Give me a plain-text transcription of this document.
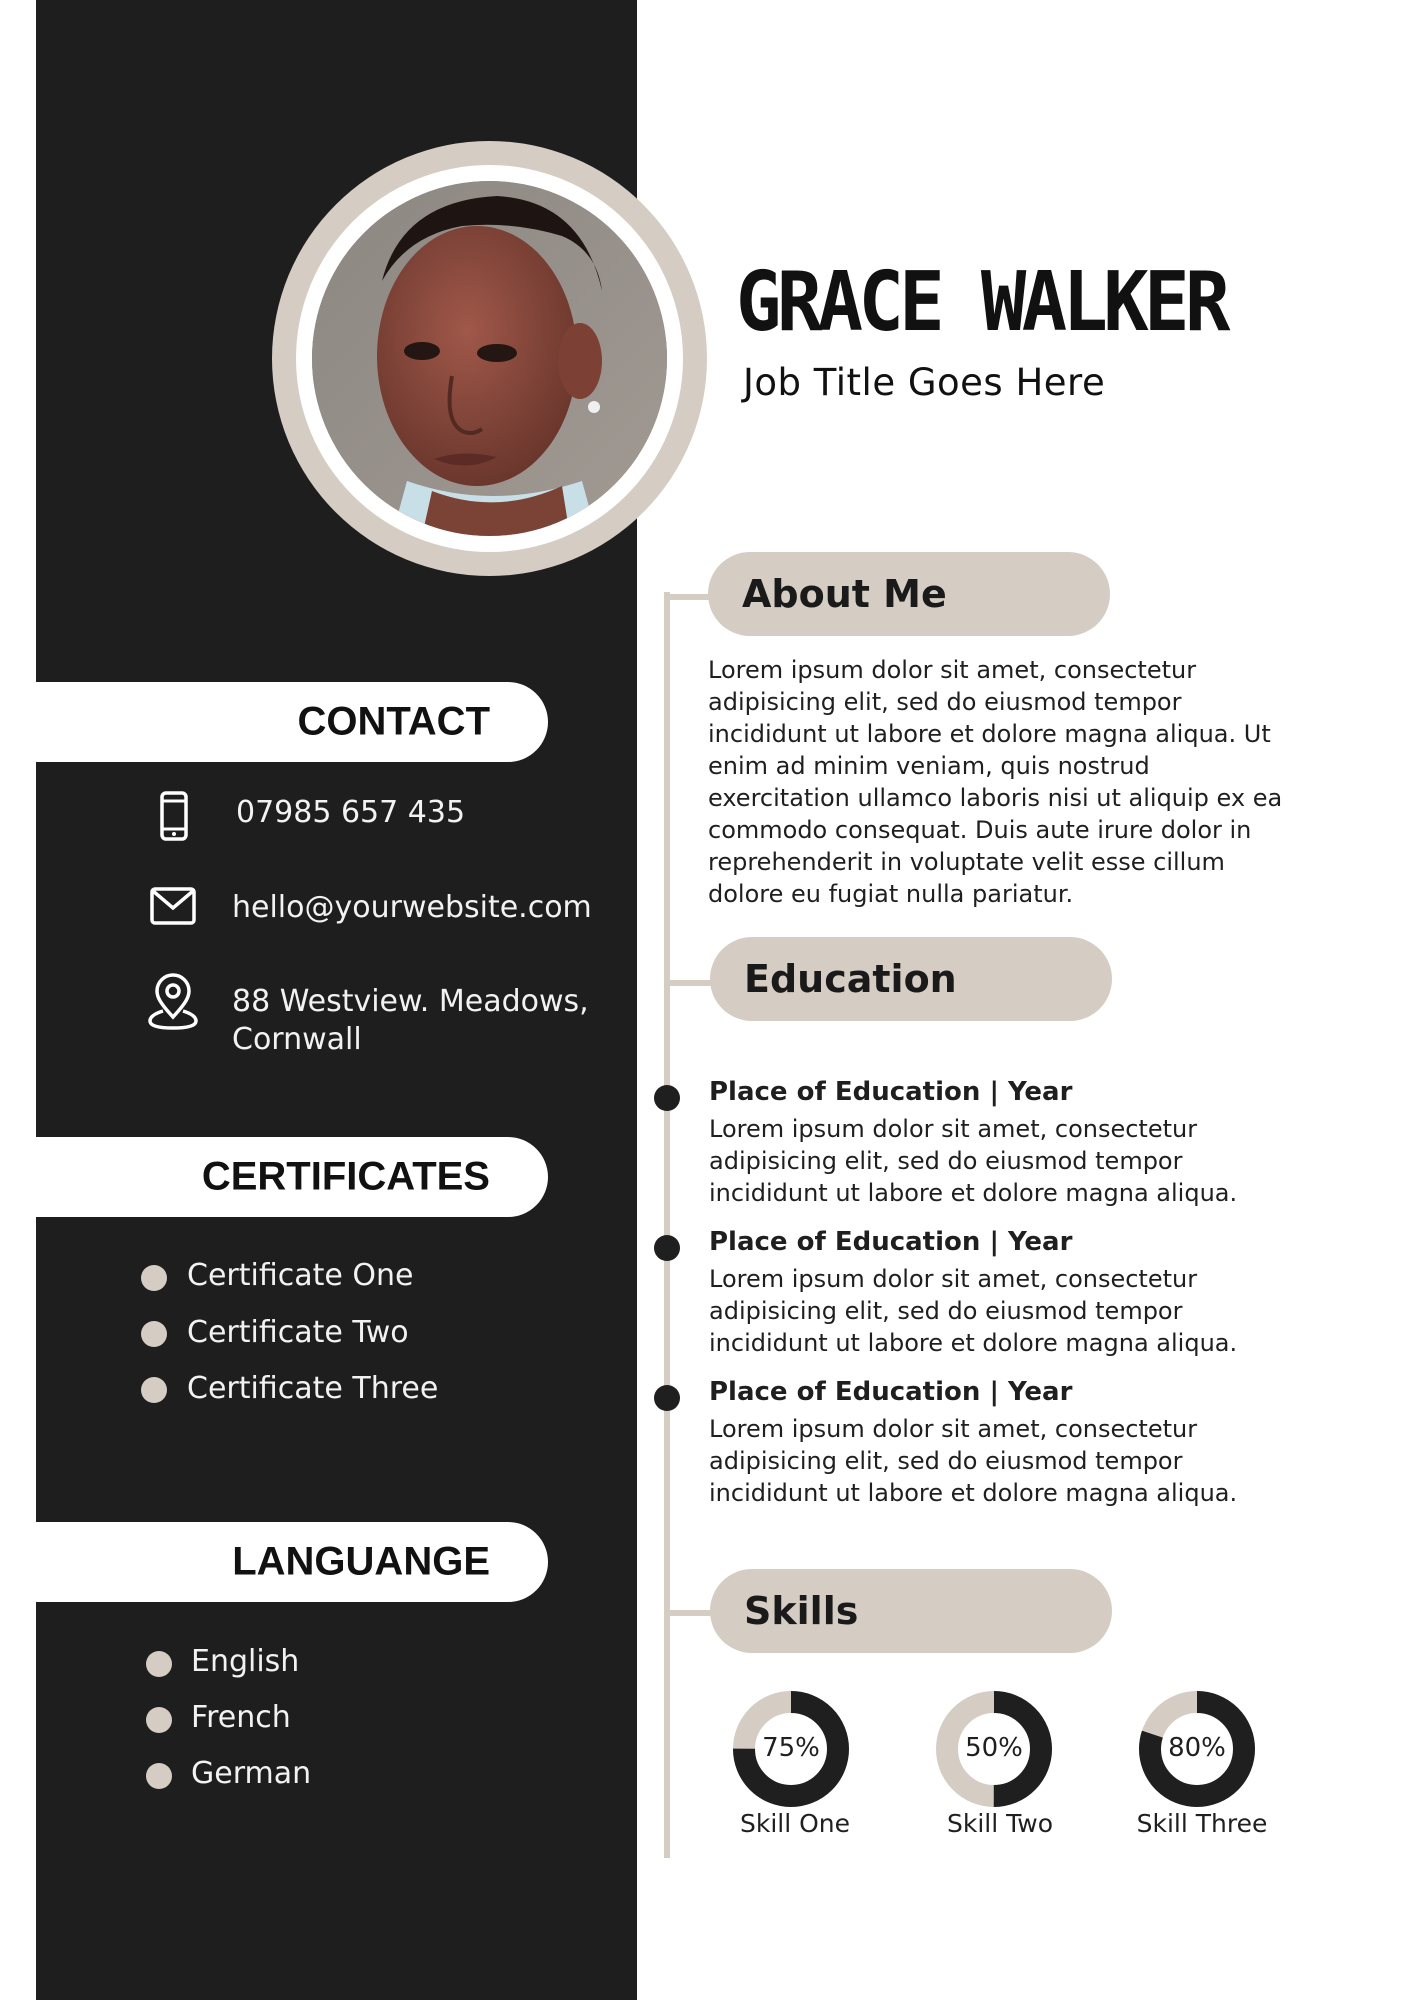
GRACE WALKER
Job Title Goes Here
CONTACT
07985 657 435
hello@yourwebsite.com
88 Westview. Meadows,
Cornwall
CERTIFICATES
Certificate One
Certificate Two
Certificate Three
LANGUANGE
English
French
German
About Me
Lorem ipsum dolor sit amet, consectetur adipisicing elit, sed do eiusmod tempor incididunt ut labore et dolore magna aliqua. Ut enim ad minim veniam, quis nostrud exercitation ullamco laboris nisi ut aliquip ex ea commodo consequat. Duis aute irure dolor in reprehenderit in voluptate velit esse cillum dolore eu fugiat nulla pariatur.
Education
Place of Education | Year
Lorem ipsum dolor sit amet, consectetur adipisicing elit, sed do eiusmod tempor incididunt ut labore et dolore magna aliqua.
Place of Education | Year
Lorem ipsum dolor sit amet, consectetur adipisicing elit, sed do eiusmod tempor incididunt ut labore et dolore magna aliqua.
Place of Education | Year
Lorem ipsum dolor sit amet, consectetur adipisicing elit, sed do eiusmod tempor incididunt ut labore et dolore magna aliqua.
Skills
75%
Skill One
50%
Skill Two
80%
Skill Three
